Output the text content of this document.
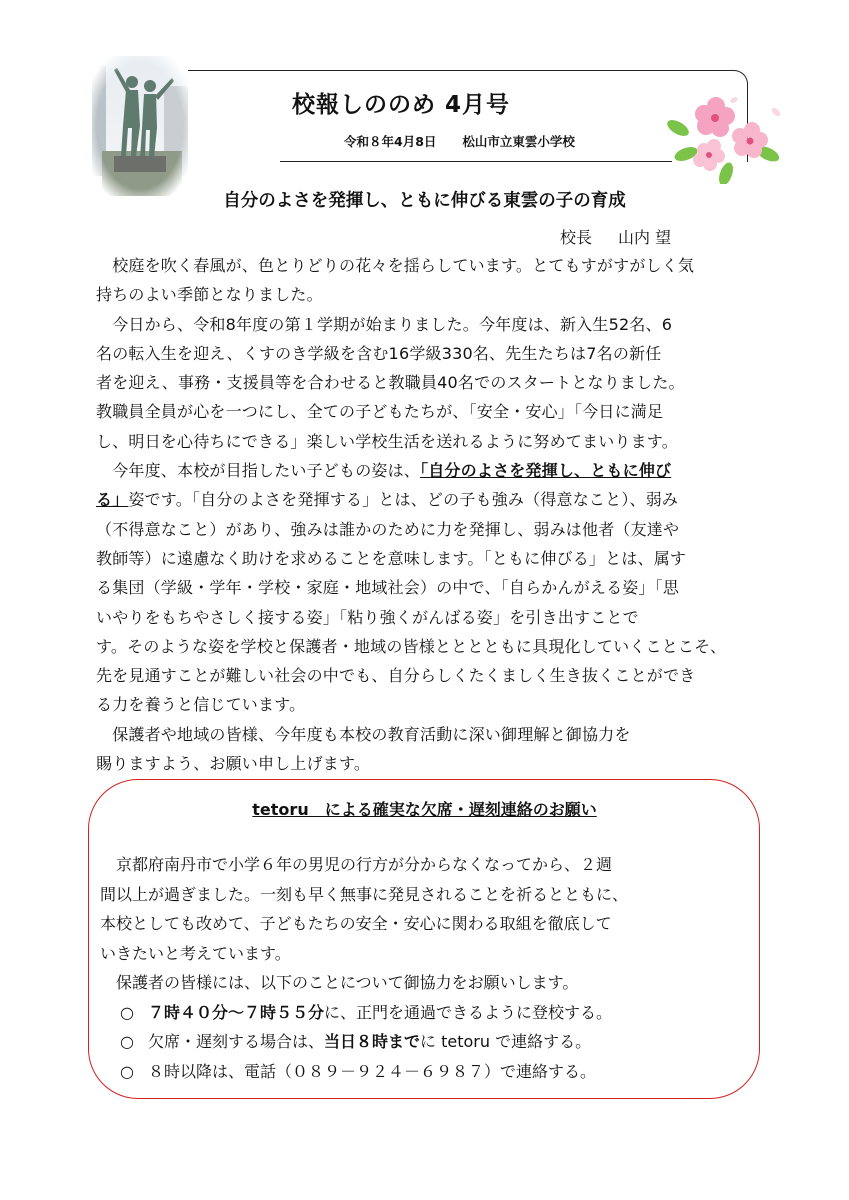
校報しののめ 4月号
令和８年4月8日 松山市立東雲小学校
自分のよさを発揮し、ともに伸びる東雲の子の育成
校長 山内 望
　校庭を吹く春風が、色とりどりの花々を揺らしています。とてもすがすがしく気
持ちのよい季節となりました。
　今日から、令和8年度の第１学期が始まりました。今年度は、新入生52名、6
名の転入生を迎え、くすのき学級を含む16学級330名、先生たちは7名の新任
者を迎え、事務・支援員等を合わせると教職員40名でのスタートとなりました。
教職員全員が心を一つにし、全ての子どもたちが、「安全・安心」「今日に満足
し、明日を心待ちにできる」楽しい学校生活を送れるように努めてまいります。
　今年度、本校が目指したい子どもの姿は、「自分のよさを発揮し、ともに伸び
る」姿です。「自分のよさを発揮する」とは、どの子も強み（得意なこと）、弱み
（不得意なこと）があり、強みは誰かのために力を発揮し、弱みは他者（友達や
教師等）に遠慮なく助けを求めることを意味します。「ともに伸びる」とは、属す
る集団（学級・学年・学校・家庭・地域社会）の中で、「自らかんがえる姿」「思
いやりをもちやさしく接する姿」「粘り強くがんばる姿」を引き出すことで
す。そのような姿を学校と保護者・地域の皆様とととともに具現化していくことこそ、
先を見通すことが難しい社会の中でも、自分らしくたくましく生き抜くことができ
る力を養うと信じています。
　保護者や地域の皆様、今年度も本校の教育活動に深い御理解と御協力を
賜りますよう、お願い申し上げます。
tetoru　による確実な欠席・遅刻連絡のお願い
　京都府南丹市で小学６年の男児の行方が分からなくなってから、２週
間以上が過ぎました。一刻も早く無事に発見されることを祈るとともに、
本校としても改めて、子どもたちの安全・安心に関わる取組を徹底して
いきたいと考えています。
　保護者の皆様には、以下のことについて御協力をお願いします。
○ ７時４０分～７時５５分に、正門を通過できるように登校する。
○ 欠席・遅刻する場合は、当日８時までに tetoru で連絡する。
○ ８時以降は、電話（０８９－９２４－６９８７）で連絡する。
